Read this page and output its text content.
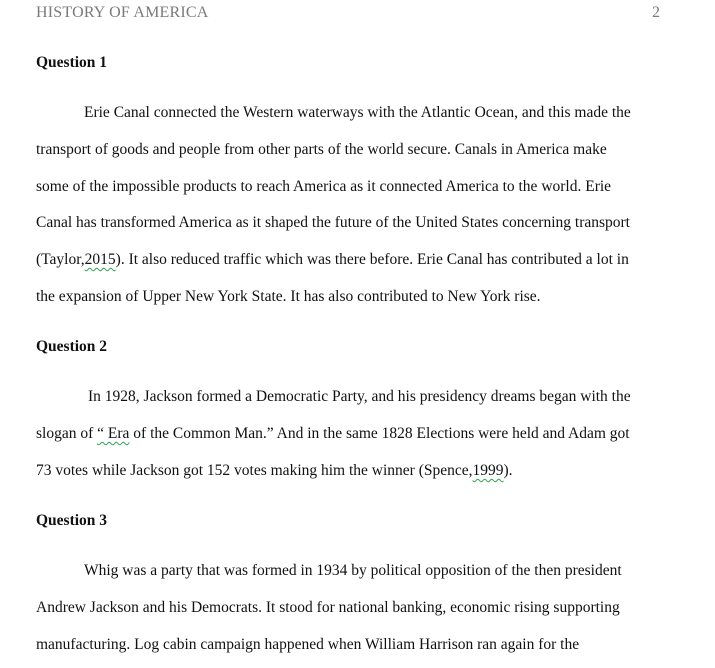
HISTORY OF AMERICA	2
Question 1
Erie Canal connected the Western waterways with the Atlantic Ocean, and this made the
transport of goods and people from other parts of the world secure. Canals in America make
some of the impossible products to reach America as it connected America to the world. Erie
Canal has transformed America as it shaped the future of the United States concerning transport
(Taylor,2015). It also reduced traffic which was there before. Erie Canal has contributed a lot in
the expansion of Upper New York State. It has also contributed to New York rise.
Question 2
In 1928, Jackson formed a Democratic Party, and his presidency dreams began with the
slogan of “ Era of the Common Man.” And in the same 1828 Elections were held and Adam got
73 votes while Jackson got 152 votes making him the winner (Spence,1999).
Question 3
Whig was a party that was formed in 1934 by political opposition of the then president
Andrew Jackson and his Democrats. It stood for national banking, economic rising supporting
manufacturing. Log cabin campaign happened when William Harrison ran again for the
